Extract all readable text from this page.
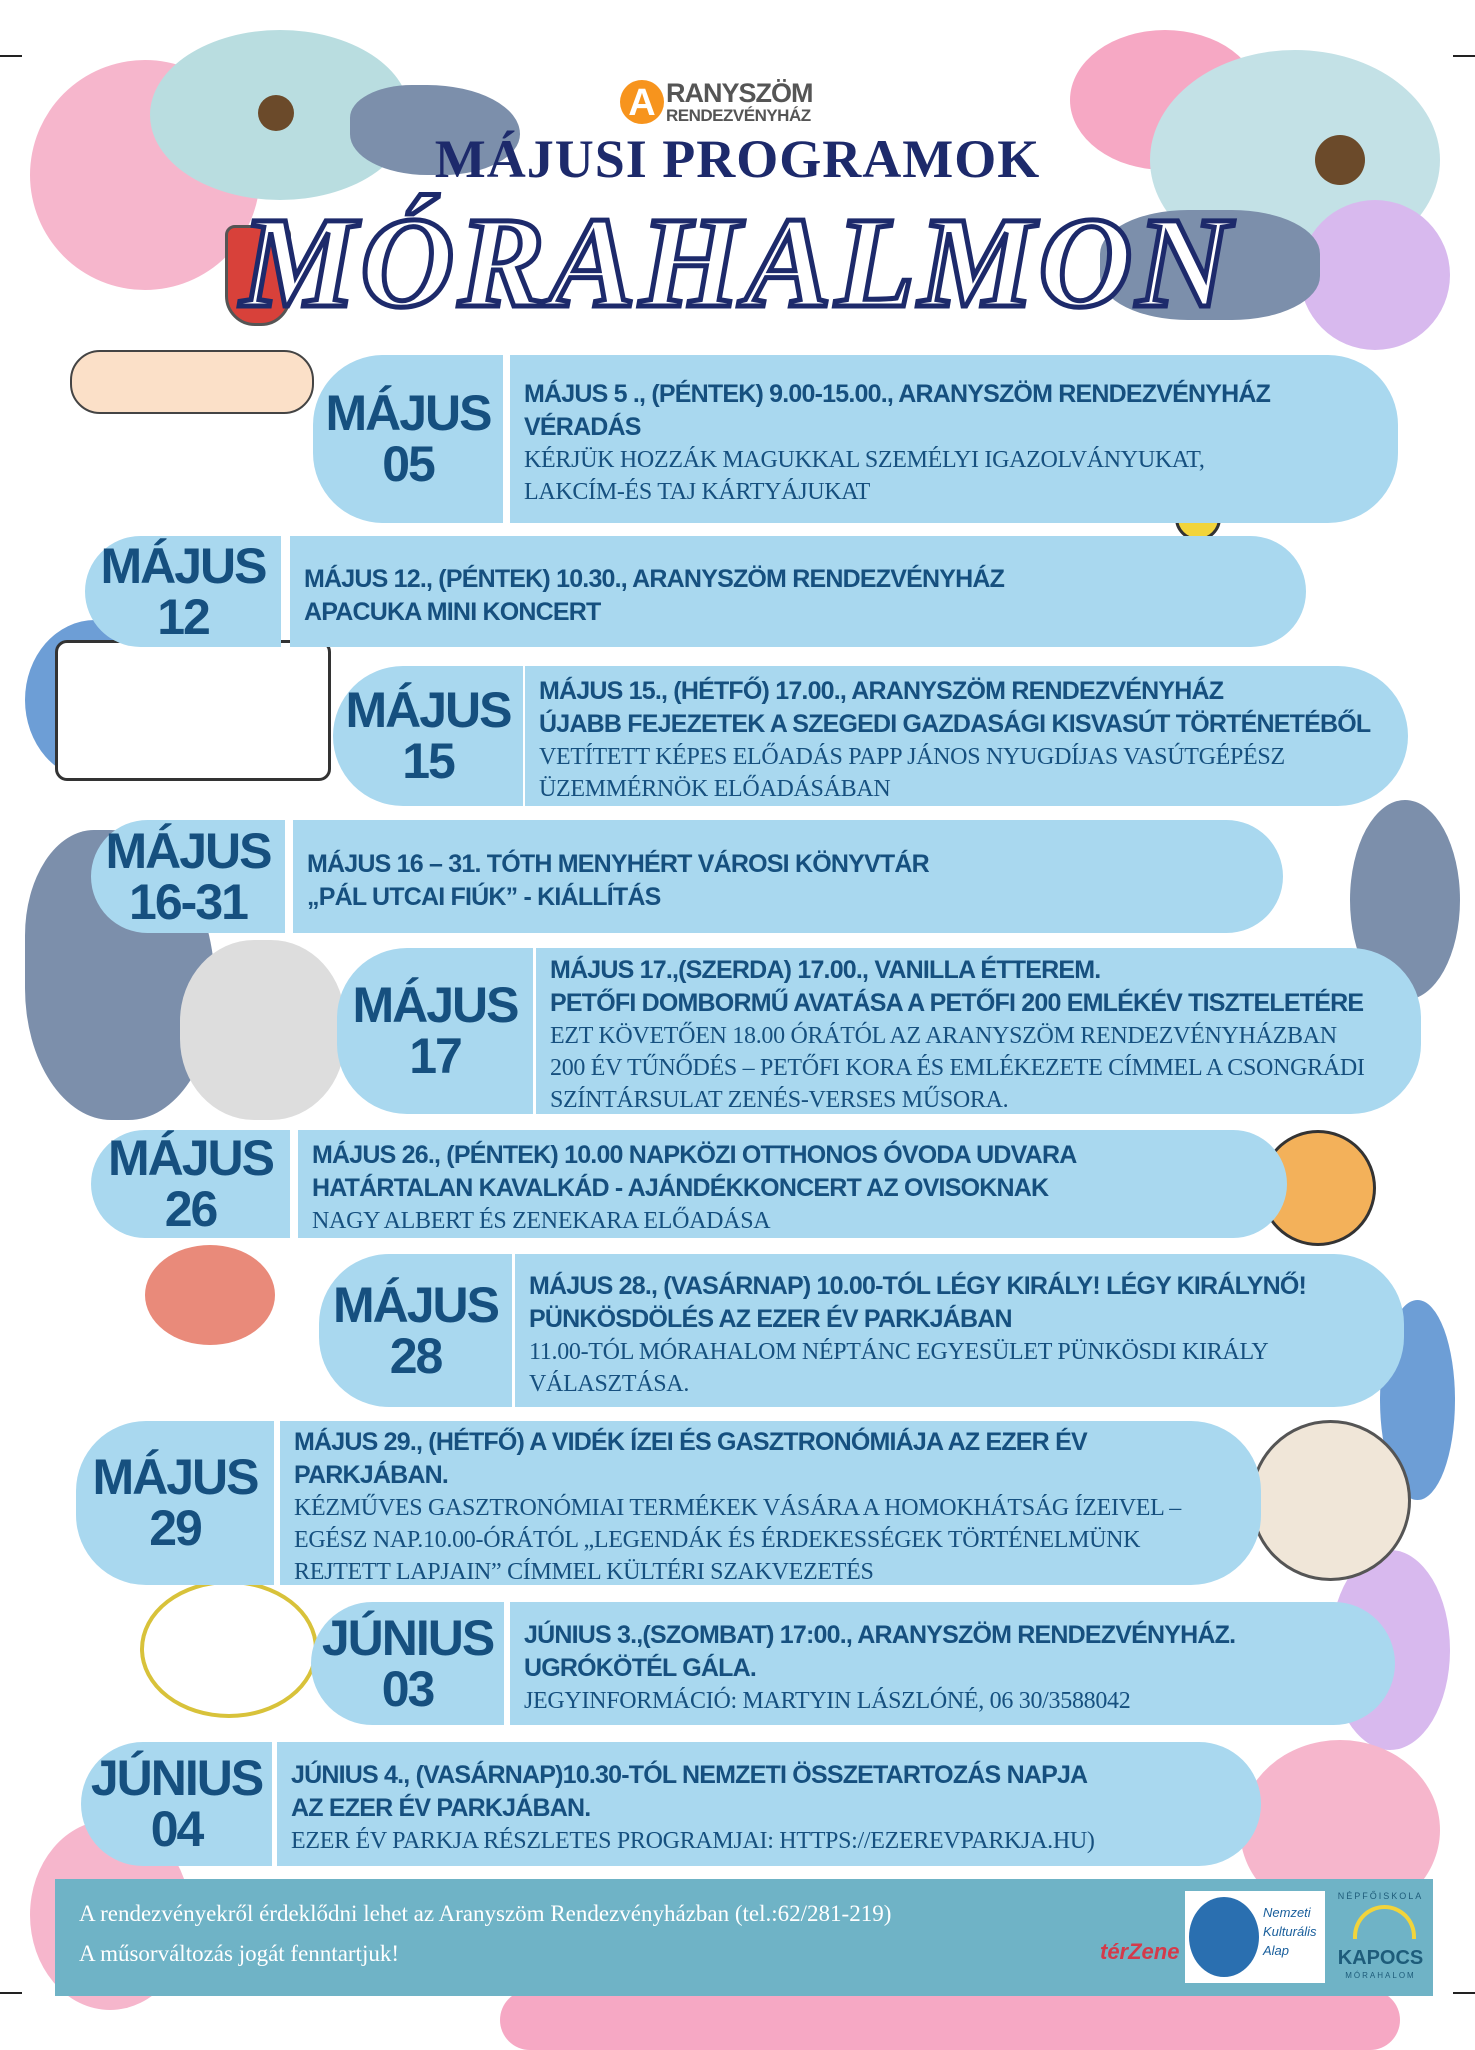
A RANYSZÖM
RENDEZVÉNYHÁZ
MÁJUSI PROGRAMOK
MÓRAHALMON
MÁJUS
05
MÁJUS 5 ., (PÉNTEK) 9.00-15.00., ARANYSZÖM RENDEZVÉNYHÁZ
VÉRADÁS
KÉRJÜK HOZZÁK MAGUKKAL SZEMÉLYI IGAZOLVÁNYUKAT,
LAKCÍM-ÉS TAJ KÁRTYÁJUKAT
MÁJUS
12
MÁJUS 12., (PÉNTEK) 10.30., ARANYSZÖM RENDEZVÉNYHÁZ
APACUKA MINI KONCERT
MÁJUS
15
MÁJUS 15., (HÉTFŐ) 17.00., ARANYSZÖM RENDEZVÉNYHÁZ
ÚJABB FEJEZETEK A SZEGEDI GAZDASÁGI KISVASÚT TÖRTÉNETÉBŐL
VETÍTETT KÉPES ELŐADÁS PAPP JÁNOS NYUGDÍJAS VASÚTGÉPÉSZ
ÜZEMMÉRNÖK ELŐADÁSÁBAN
MÁJUS
16-31
MÁJUS 16 – 31. TÓTH MENYHÉRT VÁROSI KÖNYVTÁR
„PÁL UTCAI FIÚK” - KIÁLLÍTÁS
MÁJUS
17
MÁJUS 17.,(SZERDA) 17.00., VANILLA ÉTTEREM.
PETŐFI DOMBORMŰ AVATÁSA A PETŐFI 200 EMLÉKÉV TISZTELETÉRE
EZT KÖVETŐEN 18.00 ÓRÁTÓL AZ ARANYSZÖM RENDEZVÉNYHÁZBAN
200 ÉV TŰNŐDÉS – PETŐFI KORA ÉS EMLÉKEZETE CÍMMEL A CSONGRÁDI
SZÍNTÁRSULAT ZENÉS-VERSES MŰSORA.
MÁJUS
26
MÁJUS 26., (PÉNTEK) 10.00 NAPKÖZI OTTHONOS ÓVODA UDVARA
HATÁRTALAN KAVALKÁD - AJÁNDÉKKONCERT AZ OVISOKNAK
NAGY ALBERT ÉS ZENEKARA ELŐADÁSA
MÁJUS
28
MÁJUS 28., (VASÁRNAP) 10.00-TÓL LÉGY KIRÁLY! LÉGY KIRÁLYNŐ!
PÜNKÖSDÖLÉS AZ EZER ÉV PARKJÁBAN
11.00-TÓL MÓRAHALOM NÉPTÁNC EGYESÜLET PÜNKÖSDI KIRÁLY
VÁLASZTÁSA.
MÁJUS
29
MÁJUS 29., (HÉTFŐ) A VIDÉK ÍZEI ÉS GASZTRONÓMIÁJA AZ EZER ÉV
PARKJÁBAN.
KÉZMŰVES GASZTRONÓMIAI TERMÉKEK VÁSÁRA A HOMOKHÁTSÁG ÍZEIVEL –
EGÉSZ NAP.10.00-ÓRÁTÓL „LEGENDÁK ÉS ÉRDEKESSÉGEK TÖRTÉNELMÜNK
REJTETT LAPJAIN” CÍMMEL KÜLTÉRI SZAKVEZETÉS
JÚNIUS
03
JÚNIUS 3.,(SZOMBAT) 17:00., ARANYSZÖM RENDEZVÉNYHÁZ.
UGRÓKÖTÉL GÁLA.
JEGYINFORMÁCIÓ: MARTYIN LÁSZLÓNÉ, 06 30/3588042
JÚNIUS
04
JÚNIUS 4., (VASÁRNAP)10.30-TÓL NEMZETI ÖSSZETARTOZÁS NAPJA
AZ EZER ÉV PARKJÁBAN.
EZER ÉV PARKJA RÉSZLETES PROGRAMJAI: HTTPS://EZEREVPARKJA.HU)
A rendezvényekről érdeklődni lehet az Aranyszöm Rendezvényházban (tel.:62/281-219)
A műsorváltozás jogát fenntartjuk!	térZene
Nemzeti
Kulturális
Alap
NÉPFŐISKOLA
KAPOCS
MÓRAHALOM
